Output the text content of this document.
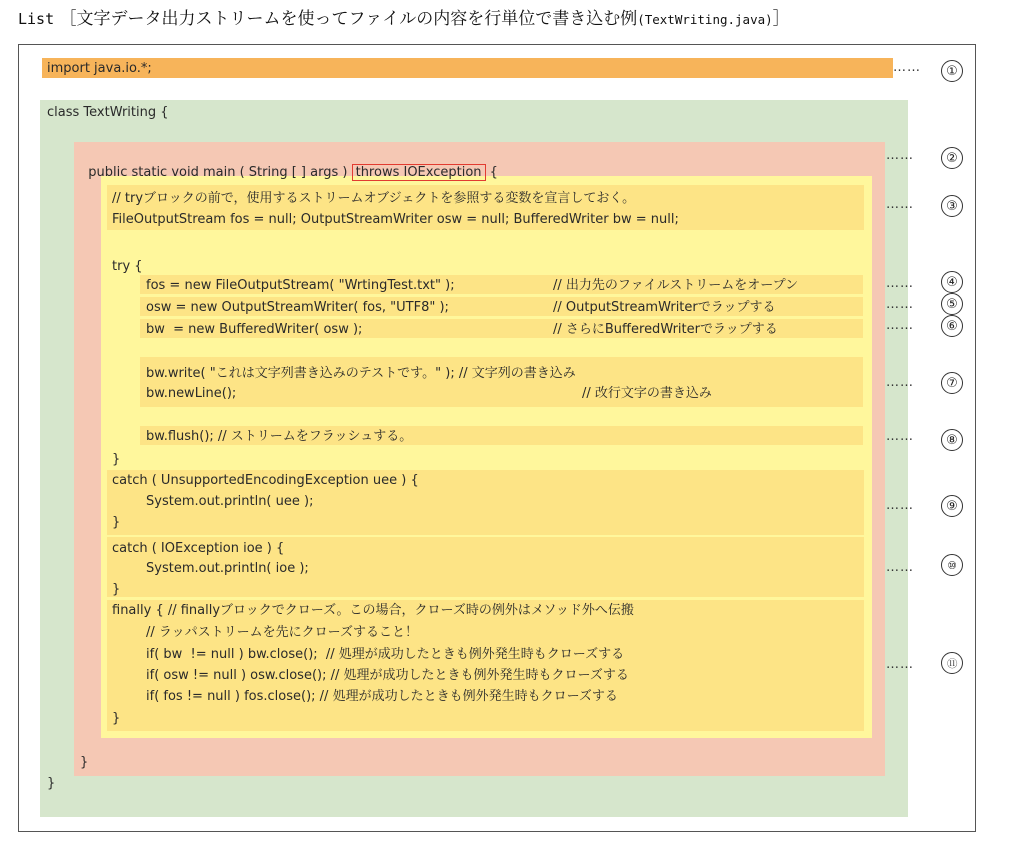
List ［文字データ出力ストリームを使ってファイルの内容を行単位で書き込む例(TextWriting.java)］
import java.io.*;
class TextWriting {

public static void main ( String [ ] args ) throws IOException {

// tryブロックの前で，使用するストリームオブジェクトを参照する変数を宣言しておく。
FileOutputStream fos = null; OutputStreamWriter osw = null; BufferedWriter bw = null;
try {
fos = new FileOutputStream( "WrtingTest.txt" );	// 出力先のファイルストリームをオープン
osw = new OutputStreamWriter( fos, "UTF8" );	// OutputStreamWriterでラップする
bw  = new BufferedWriter( osw );	// さらにBufferedWriterでラップする
bw.write( "これは文字列書き込みのテストです。" ); // 文字列の書き込み
bw.newLine();	// 改行文字の書き込み
bw.flush(); // ストリームをフラッシュする。
}
catch ( UnsupportedEncodingException uee ) {
System.out.println( uee );
}
catch ( IOException ioe ) {
System.out.println( ioe );
}
finally { // finallyブロックでクローズ。この場合，クローズ時の例外はメソッド外へ伝搬
// ラッパストリームを先にクローズすること！
if( bw  != null ) bw.close();  // 処理が成功したときも例外発生時もクローズする
if( osw != null ) osw.close(); // 処理が成功したときも例外発生時もクローズする
if( fos != null ) fos.close(); // 処理が成功したときも例外発生時もクローズする
}
}
}
……	①
……	②
……	③
……	④
……	⑤
……	⑥
……	⑦
……	⑧
……	⑨
……	⑩
……	⑪
